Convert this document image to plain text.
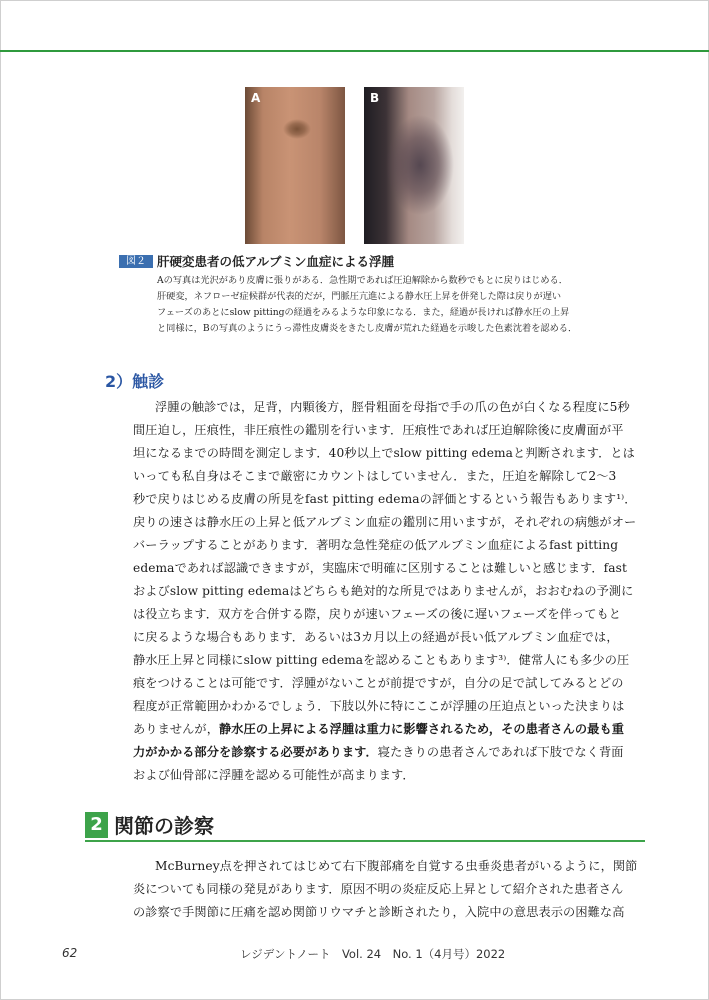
A	B
図２ 肝硬変患者の低アルブミン血症による浮腫
Aの写真は光沢があり皮膚に張りがある．急性期であれば圧迫解除から数秒でもとに戻りはじめる．
肝硬変，ネフローゼ症候群が代表的だが，門脈圧亢進による静水圧上昇を併発した際は戻りが遅い
フェーズのあとにslow pittingの経過をみるような印象になる．また，経過が長ければ静水圧の上昇
と同様に，Bの写真のようにうっ滞性皮膚炎をきたし皮膚が荒れた経過を示唆した色素沈着を認める．
2）触診
浮腫の触診では，足背，内顆後方，脛骨粗面を母指で手の爪の色が白くなる程度に5秒
間圧迫し，圧痕性，非圧痕性の鑑別を行います．圧痕性であれば圧迫解除後に皮膚面が平
坦になるまでの時間を測定します．40秒以上でslow pitting edemaと判断されます．とは
いっても私自身はそこまで厳密にカウントはしていません．また，圧迫を解除して2～3
秒で戻りはじめる皮膚の所見をfast pitting edemaの評価とするという報告もあります¹⁾．
戻りの速さは静水圧の上昇と低アルブミン血症の鑑別に用いますが，それぞれの病態がオー
バーラップすることがあります．著明な急性発症の低アルブミン血症によるfast pitting
edemaであれば認識できますが，実臨床で明確に区別することは難しいと感じます．fast
およびslow pitting edemaはどちらも絶対的な所見ではありませんが，おおむねの予測に
は役立ちます．双方を合併する際，戻りが速いフェーズの後に遅いフェーズを伴ってもと
に戻るような場合もあります．あるいは3カ月以上の経過が長い低アルブミン血症では，
静水圧上昇と同様にslow pitting edemaを認めることもあります³⁾．健常人にも多少の圧
痕をつけることは可能です．浮腫がないことが前提ですが，自分の足で試してみるとどの
程度が正常範囲かわかるでしょう．下肢以外に特にここが浮腫の圧迫点といった決まりは
ありませんが，静水圧の上昇による浮腫は重力に影響されるため，その患者さんの最も重
力がかかる部分を診察する必要があります．寝たきりの患者さんであれば下肢でなく背面
および仙骨部に浮腫を認める可能性が高まります．
2 関節の診察
McBurney点を押されてはじめて右下腹部痛を自覚する虫垂炎患者がいるように，関節
炎についても同様の発見があります．原因不明の炎症反応上昇として紹介された患者さん
の診察で手関節に圧痛を認め関節リウマチと診断されたり，入院中の意思表示の困難な高
62	レジデントノート　Vol. 24　No. 1（4月号）2022
